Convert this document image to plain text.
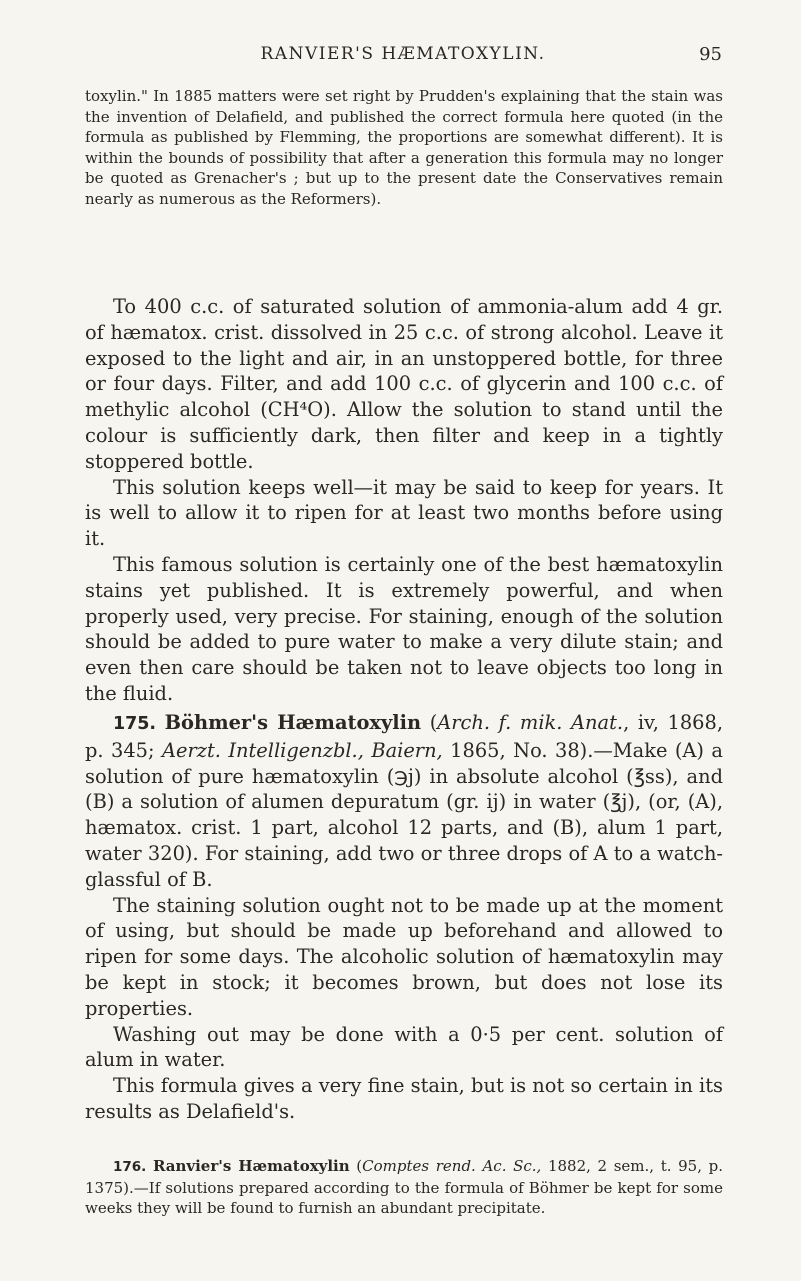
RANVIER'S HÆMATOXYLIN.	95

toxylin." In 1885 matters were set right by Prudden's explaining that the stain was the invention of Delafield, and published the correct formula here quoted (in the formula as published by Flemming, the proportions are somewhat different). It is within the bounds of possibility that after a generation this formula may no longer be quoted as Grenacher's ; but up to the present date the Conservatives remain nearly as numerous as the Reformers).

To 400 c.c. of saturated solution of ammonia-alum add 4 gr. of hæmatox. crist. dissolved in 25 c.c. of strong alcohol. Leave it exposed to the light and air, in an unstoppered bottle, for three or four days. Filter, and add 100 c.c. of glycerin and 100 c.c. of methylic alcohol (CH⁴O). Allow the solution to stand until the colour is sufficiently dark, then filter and keep in a tightly stoppered bottle.

This solution keeps well—it may be said to keep for years. It is well to allow it to ripen for at least two months before using it.

This famous solution is certainly one of the best hæmatoxylin stains yet published. It is extremely powerful, and when properly used, very precise. For staining, enough of the solution should be added to pure water to make a very dilute stain; and even then care should be taken not to leave objects too long in the fluid.

175. Böhmer's Hæmatoxylin (Arch. f. mik. Anat., iv, 1868, p. 345; Aerzt. Intelligenzbl., Baiern, 1865, No. 38).—Make (A) a solution of pure hæmatoxylin (℈j) in absolute alcohol (℥ss), and (B) a solution of alumen depuratum (gr. ij) in water (℥j), (or, (A), hæmatox. crist. 1 part, alcohol 12 parts, and (B), alum 1 part, water 320). For staining, add two or three drops of A to a watch-glassful of B.

The staining solution ought not to be made up at the moment of using, but should be made up beforehand and allowed to ripen for some days. The alcoholic solution of hæmatoxylin may be kept in stock; it becomes brown, but does not lose its properties.

Washing out may be done with a 0·5 per cent. solution of alum in water.

This formula gives a very fine stain, but is not so certain in its results as Delafield's.

176. Ranvier's Hæmatoxylin (Comptes rend. Ac. Sc., 1882, 2 sem., t. 95, p. 1375).—If solutions prepared according to the formula of Böhmer be kept for some weeks they will be found to furnish an abundant precipitate.
